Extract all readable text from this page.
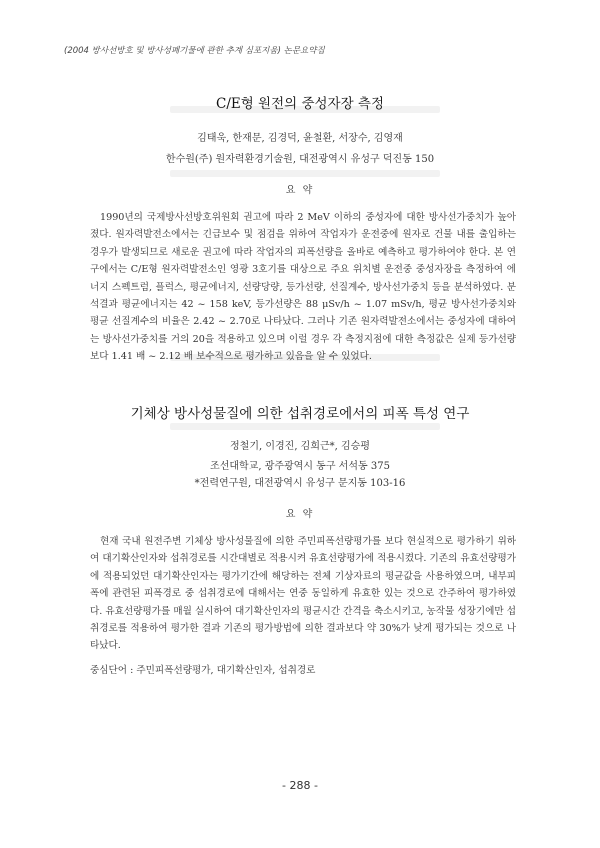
(2004 방사선방호 및 방사성폐기물에 관한 추계 심포지움) 논문요약집
C/E형 원전의 중성자장 측정
김태욱, 한재문, 김경덕, 윤철환, 서장수, 김영재
한수원(주) 원자력환경기술원, 대전광역시 유성구 덕진동 150
요 약

1990년의 국제방사선방호위원회 권고에 따라 2 MeV 이하의 중성자에 대한 방사선가중치가 높아졌다. 원자력발전소에서는 긴급보수 및 점검을 위하여 작업자가 운전중에 원자로 건물 내를 출입하는 경우가 발생되므로 새로운 권고에 따라 작업자의 피폭선량을 올바로 예측하고 평가하여야 한다. 본 연구에서는 C/E형 원자력발전소인 영광 3호기를 대상으로 주요 위치별 운전중 중성자장을 측정하여 에너지 스펙트럼, 플럭스, 평균에너지, 선량당량, 등가선량, 선질계수, 방사선가중치 등을 분석하였다. 분석결과 평균에너지는 42 ~ 158 keV, 등가선량은 88 μSv/h ~ 1.07 mSv/h, 평균 방사선가중치와 평균 선질계수의 비율은 2.42 ~ 2.70로 나타났다. 그러나 기존 원자력발전소에서는 중성자에 대하여는 방사선가중치를 거의 20을 적용하고 있으며 이럴 경우 각 측정지점에 대한 측정값은 실제 등가선량보다 1.41 배 ~ 2.12 배 보수적으로 평가하고 있음을 알 수 있었다.

기체상 방사성물질에 의한 섭취경로에서의 피폭 특성 연구
정철기, 이경진, 김희근*, 김승평
조선대학교, 광주광역시 동구 서석동 375
*전력연구원, 대전광역시 유성구 문지동 103-16
요 약

현재 국내 원전주변 기체상 방사성물질에 의한 주민피폭선량평가를 보다 현실적으로 평가하기 위하여 대기확산인자와 섭취경로를 시간대별로 적용시켜 유효선량평가에 적용시켰다. 기존의 유효선량평가에 적용되었던 대기확산인자는 평가기간에 해당하는 전체 기상자료의 평균값을 사용하였으며, 내부피폭에 관련된 피폭경로 중 섭취경로에 대해서는 연중 동일하게 유효한 있는 것으로 간주하여 평가하였다. 유효선량평가를 매월 실시하여 대기확산인자의 평균시간 간격을 축소시키고, 농작물 성장기에만 섭취경로를 적용하여 평가한 결과 기존의 평가방법에 의한 결과보다 약 30%가 낮게 평가되는 것으로 나타났다.

중심단어 : 주민피폭선량평가, 대기확산인자, 섭취경로
- 288 -
